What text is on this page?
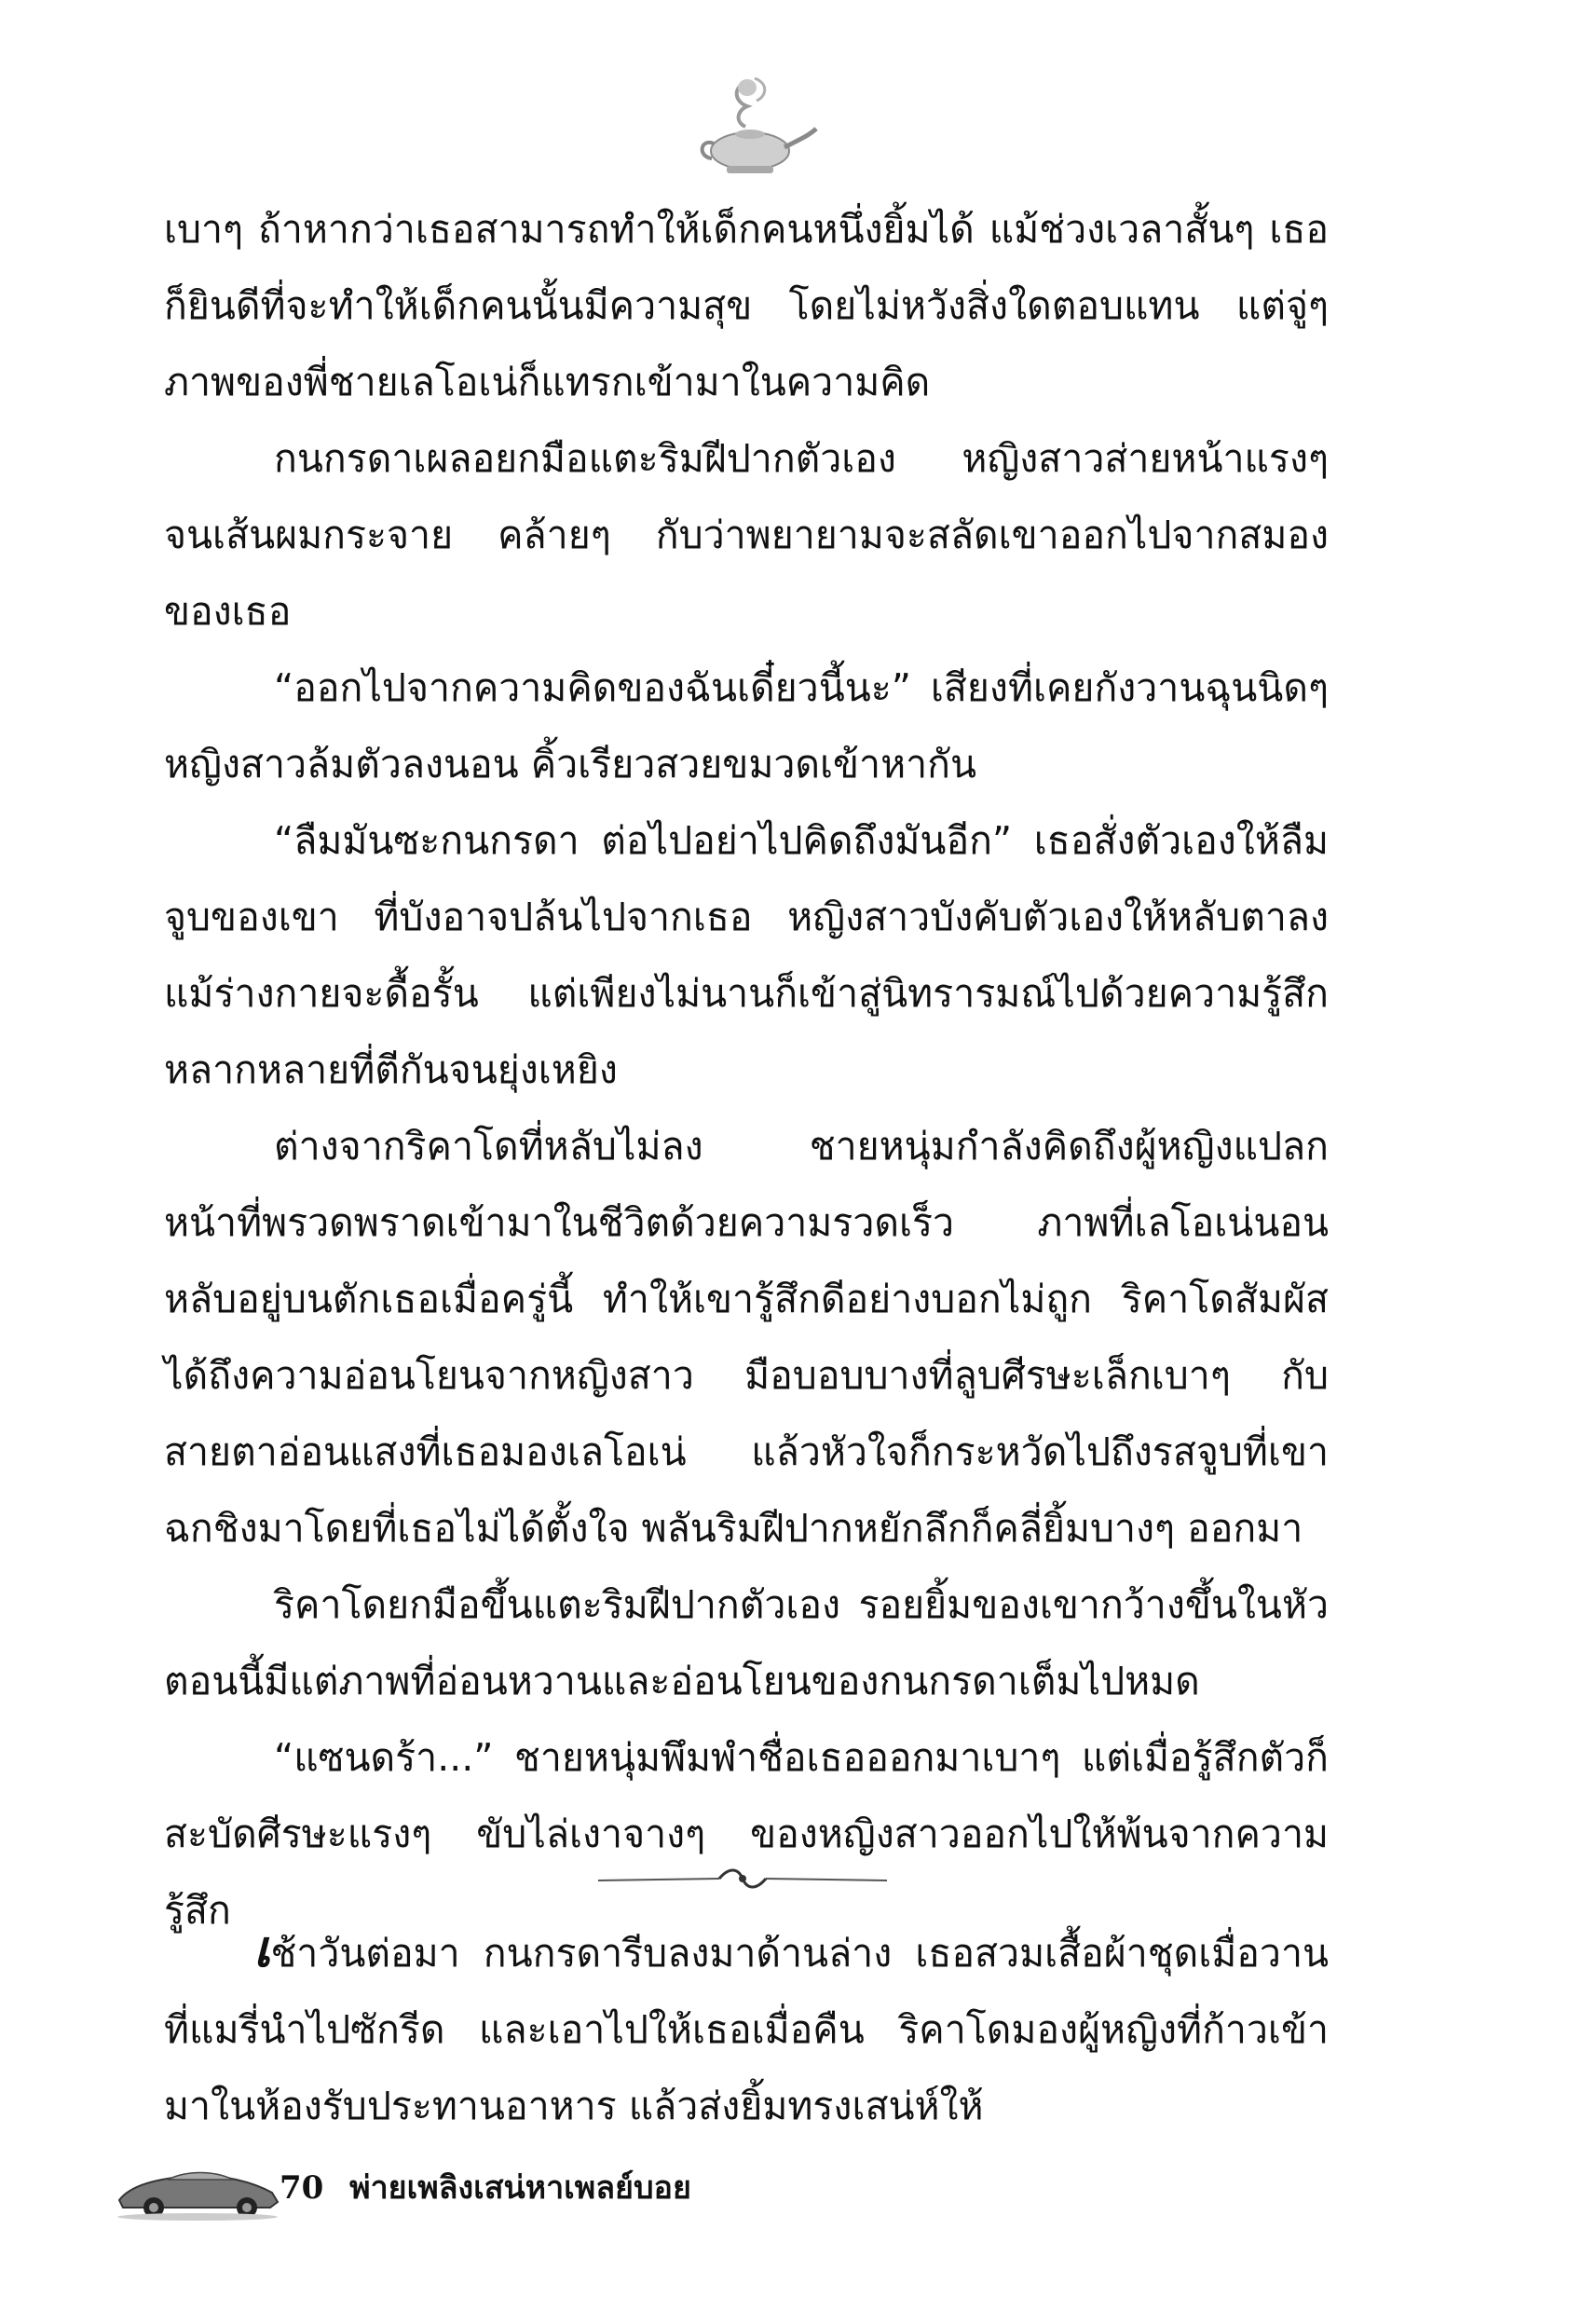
เบาๆ ถ้าหากว่าเธอสามารถทำให้เด็กคนหนึ่งยิ้มได้ แม้ช่วงเวลาสั้นๆ เธอก็ยินดีที่จะทำให้เด็กคนนั้นมีความสุข โดยไม่หวังสิ่งใดตอบแทน แต่จู่ๆ ภาพของพี่ชายเลโอเน่ก็แทรกเข้ามาในความคิด

กนกรดาเผลอยกมือแตะริมฝีปากตัวเอง หญิงสาวส่ายหน้าแรงๆ จนเส้นผมกระจาย คล้ายๆ กับว่าพยายามจะสลัดเขาออกไปจากสมองของเธอ

“ออกไปจากความคิดของฉันเดี๋ยวนี้นะ” เสียงที่เคยกังวานฉุนนิดๆ หญิงสาวล้มตัวลงนอน คิ้วเรียวสวยขมวดเข้าหากัน

“ลืมมันซะกนกรดา ต่อไปอย่าไปคิดถึงมันอีก” เธอสั่งตัวเองให้ลืมจูบของเขา ที่บังอาจปล้นไปจากเธอ หญิงสาวบังคับตัวเองให้หลับตาลง แม้ร่างกายจะดื้อรั้น แต่เพียงไม่นานก็เข้าสู่นิทรารมณ์ไปด้วยความรู้สึกหลากหลายที่ตีกันจนยุ่งเหยิง

ต่างจากริคาโดที่หลับไม่ลง ชายหนุ่มกำลังคิดถึงผู้หญิงแปลกหน้าที่พรวดพราดเข้ามาในชีวิตด้วยความรวดเร็ว ภาพที่เลโอเน่นอนหลับอยู่บนตักเธอเมื่อครู่นี้ ทำให้เขารู้สึกดีอย่างบอกไม่ถูก ริคาโดสัมผัสได้ถึงความอ่อนโยนจากหญิงสาว มือบอบบางที่ลูบศีรษะเล็กเบาๆ กับสายตาอ่อนแสงที่เธอมองเลโอเน่ แล้วหัวใจก็กระหวัดไปถึงรสจูบที่เขาฉกชิงมาโดยที่เธอไม่ได้ตั้งใจ พลันริมฝีปากหยักลึกก็คลี่ยิ้มบางๆ ออกมา

ริคาโดยกมือขึ้นแตะริมฝีปากตัวเอง รอยยิ้มของเขากว้างขึ้นในหัวตอนนี้มีแต่ภาพที่อ่อนหวานและอ่อนโยนของกนกรดาเต็มไปหมด

“แซนดร้า...” ชายหนุ่มพึมพำชื่อเธอออกมาเบาๆ แต่เมื่อรู้สึกตัวก็สะบัดศีรษะแรงๆ ขับไล่เงาจางๆ ของหญิงสาวออกไปให้พ้นจากความรู้สึก

เช้าวันต่อมา กนกรดารีบลงมาด้านล่าง เธอสวมเสื้อผ้าชุดเมื่อวานที่แมรี่นำไปซักรีด และเอาไปให้เธอเมื่อคืน ริคาโดมองผู้หญิงที่ก้าวเข้ามาในห้องรับประทานอาหาร แล้วส่งยิ้มทรงเสน่ห์ให้

70 พ่ายเพลิงเสน่หาเพลย์บอย
